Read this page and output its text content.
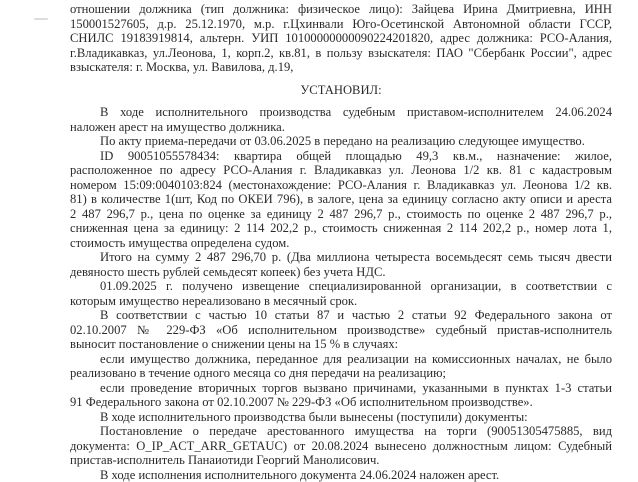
отношении должника (тип должника: физическое лицо): Зайцева Ирина Дмитриевна, ИНН
150001527605, д.р. 25.12.1970, м.р. г.Цхинвали Юго-Осетинской Автономной области ГССР,
СНИЛС 19183919814, альтерн. УИП 10100000000090224201820, адрес должника: РСО-Алания,
г.Владикавказ, ул.Леонова, 1, корп.2, кв.81, в пользу взыскателя: ПАО "Сбербанк России", адрес
взыскателя: г. Москва, ул. Вавилова, д.19,
УСТАНОВИЛ:
В ходе исполнительного производства судебным приставом-исполнителем 24.06.2024
наложен арест на имущество должника.
По акту приема-передачи от 03.06.2025 в передано на реализацию следующее имущество.
ID 90051055578434: квартира общей площадью 49,3 кв.м., назначение: жилое,
расположенное по адресу РСО-Алания г. Владикавказ ул. Леонова 1/2 кв. 81 с кадастровым
номером 15:09:0040103:824 (местонахождение: РСО-Алания г. Владикавказ ул. Леонова 1/2 кв.
81) в количестве 1(шт, Код по ОКЕИ 796), в залоге, цена за единицу согласно акту описи и ареста
2 487 296,7 р., цена по оценке за единицу 2 487 296,7 р., стоимость по оценке 2 487 296,7 р.,
сниженная цена за единицу: 2 114 202,2 р., стоимость сниженная 2 114 202,2 р., номер лота 1,
стоимость имущества определена судом.
Итого на сумму 2 487 296,70 р. (Два миллиона четыреста восемьдесят семь тысяч двести
девяносто шесть рублей семьдесят копеек) без учета НДС.
01.09.2025 г. получено извещение специализированной организации, в соответствии с
которым имущество нереализовано в месячный срок.
В соответствии с частью 10 статьи 87 и частью 2 статьи 92 Федерального закона от
02.10.2007 № 229-ФЗ «Об исполнительном производстве» судебный пристав-исполнитель
выносит постановление о снижении цены на 15 % в случаях:
если имущество должника, переданное для реализации на комиссионных началах, не было
реализовано в течение одного месяца со дня передачи на реализацию;
если проведение вторичных торгов вызвано причинами, указанными в пунктах 1-3 статьи
91 Федерального закона от 02.10.2007 № 229-ФЗ «Об исполнительном производстве».
В ходе исполнительного производства были вынесены (поступили) документы:
Постановление о передаче арестованного имущества на торги (90051305475885, вид
документа: O_IP_ACT_ARR_GETAUC) от 20.08.2024 вынесено должностным лицом: Судебный
пристав-исполнитель Панаиотиди Георгий Манолисович.
В ходе исполнения исполнительного документа 24.06.2024 наложен арест.
